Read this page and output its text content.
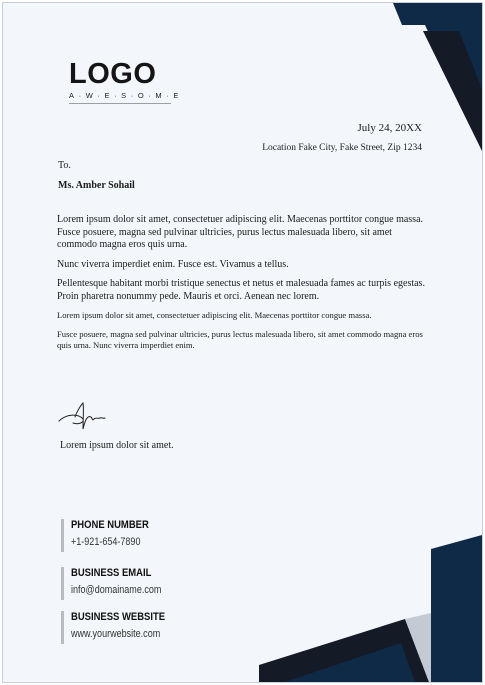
LOGO
A·W·E·S·O·M·E
July 24, 20XX
Location Fake City, Fake Street, Zip 1234
To.
Ms. Amber Sohail

Lorem ipsum dolor sit amet, consectetuer adipiscing elit. Maecenas porttitor congue massa. Fusce posuere, magna sed pulvinar ultricies, purus lectus malesuada libero, sit amet commodo magna eros quis urna.

Nunc viverra imperdiet enim. Fusce est. Vivamus a tellus.

Pellentesque habitant morbi tristique senectus et netus et malesuada fames ac turpis egestas. Proin pharetra nonummy pede. Mauris et orci. Aenean nec lorem.

Lorem ipsum dolor sit amet, consectetuer adipiscing elit. Maecenas porttitor congue massa.

Fusce posuere, magna sed pulvinar ultricies, purus lectus malesuada libero, sit amet commodo magna eros quis urna. Nunc viverra imperdiet enim.

Lorem ipsum dolor sit amet.
PHONE NUMBER
+1-921-654-7890
BUSINESS EMAIL
info@domainame.com
BUSINESS WEBSITE
www.yourwebsite.com
